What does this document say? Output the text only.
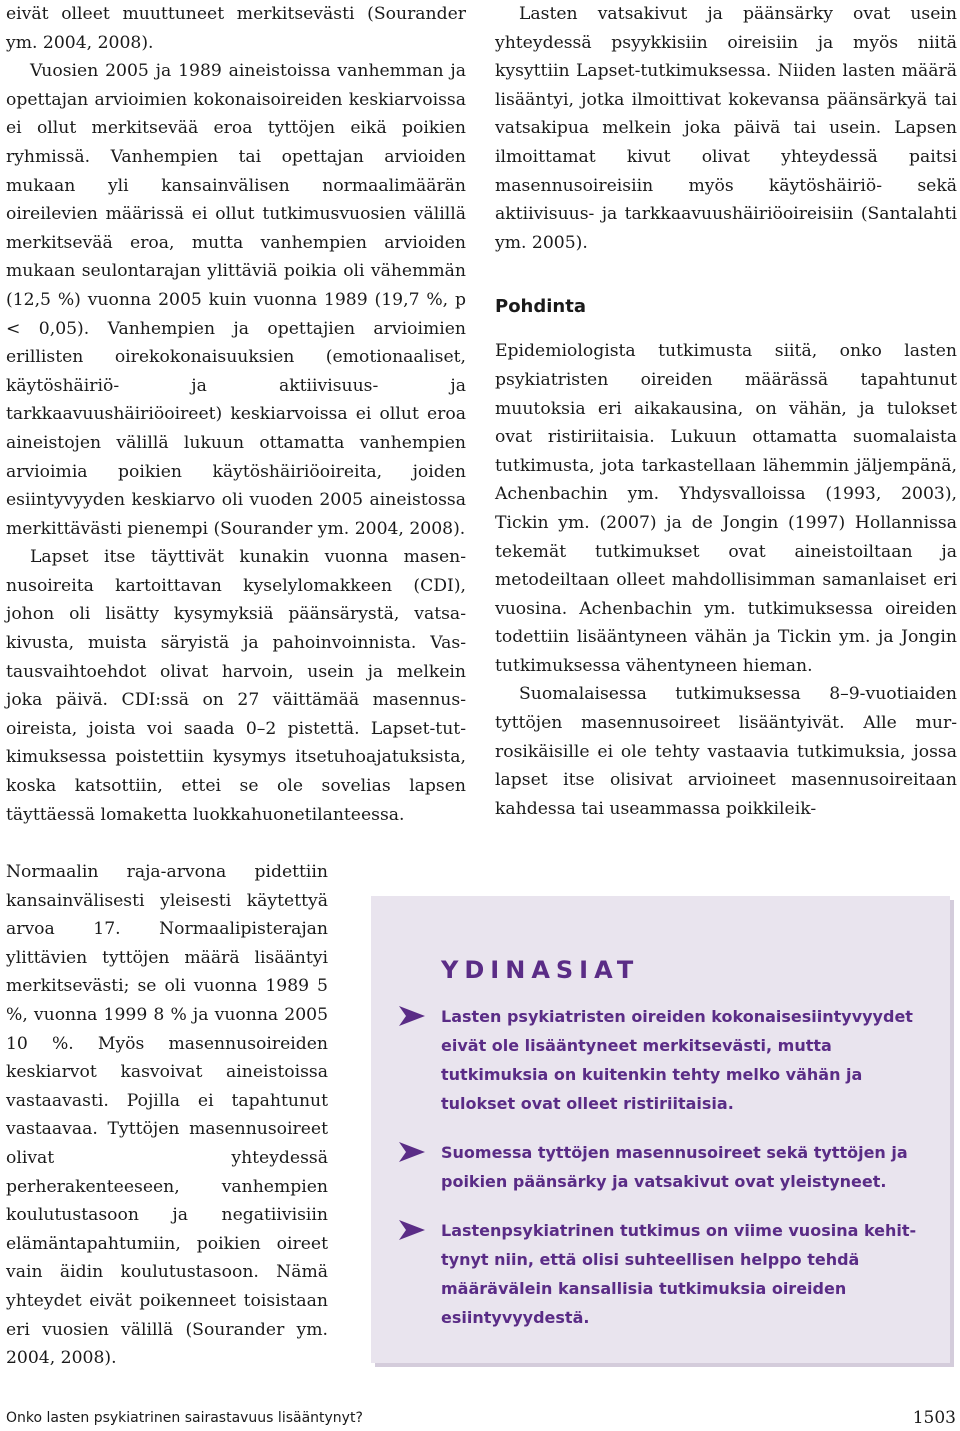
eivät olleet muuttuneet merkitsevästi (Sourander ym. 2004, 2008).

Vuosien 2005 ja 1989 aineistoissa vanhemman ja opettajan arvioimien kokonaisoireiden keskiarvoissa ei ollut merkitsevää eroa tyttöjen eikä poikien ryhmissä. Vanhempien tai opettajan arvioiden mukaan yli kansainvälisen normaalimäärän oireilevien määrissä ei ollut tutkimusvuosien välillä merkitsevää eroa, mutta vanhempien arvioiden mukaan seulontarajan ylittäviä poikia oli vähemmän (12,5 %) vuonna 2005 kuin vuonna 1989 (19,7 %, p < 0,05). Vanhempien ja opettajien arvioimien erillisten oirekokonaisuuksien (emotionaaliset, käytöshäiriö- ja aktiivisuus- ja tarkkaavuushäiriöoireet) keskiarvoissa ei ollut eroa aineistojen välillä lukuun ottamatta vanhempien arvioimia poikien käytöshäiriöoireita, joiden esiintyvyyden keskiarvo oli vuoden 2005 aineistossa merkittävästi pienempi (Sourander ym. 2004, 2008).

Lapset itse täyttivät kunakin vuonna masennusoireita kartoittavan kyselylomakkeen (CDI), johon oli lisätty kysymyksiä päänsärystä, vatsakivusta, muista säryistä ja pahoinvoinnista. Vastausvaihtoehdot olivat harvoin, usein ja melkein joka päivä. CDI:ssä on 27 väittämää masennusoireista, joista voi saada 0–2 pistettä. Lapset-tutkimuksessa poistettiin kysymys itsetuhoajatuksista, koska katsottiin, ettei se ole sovelias lapsen täyttäessä lomaketta luokkahuonetilanteessa.

Normaalin raja-arvona pidettiin kansainvälisesti yleisesti käytettyä arvoa 17. Normaalipisterajan ylittävien tyttöjen määrä lisääntyi merkitsevästi; se oli vuonna 1989 5 %, vuonna 1999 8 % ja vuonna 2005 10 %. Myös masennusoireiden keskiarvot kasvoivat aineistoissa vastaavasti. Pojilla ei tapahtunut vastaavaa. Tyttöjen masennusoireet olivat yhteydessä perherakenteeseen, vanhempien koulutustasoon ja negatiivisiin elämäntapahtumiin, poikien oireet vain äidin koulutustasoon. Nämä yhteydet eivät poikenneet toisistaan eri vuosien välillä (Sourander ym. 2004, 2008).

Lasten vatsakivut ja päänsärky ovat usein yhteydessä psyykkisiin oireisiin ja myös niitä kysyttiin Lapset-tutkimuksessa. Niiden lasten määrä lisääntyi, jotka ilmoittivat kokevansa päänsärkyä tai vatsakipua melkein joka päivä tai usein. Lapsen ilmoittamat kivut olivat yhteydessä paitsi masennusoireisiin myös käytöshäiriö- sekä aktiivisuus- ja tarkkaavuushäiriöoireisiin (Santalahti ym. 2005).

Pohdinta

Epidemiologista tutkimusta siitä, onko lasten psykiatristen oireiden määrässä tapahtunut muutoksia eri aikakausina, on vähän, ja tulokset ovat ristiriitaisia. Lukuun ottamatta suomalaista tutkimusta, jota tarkastellaan lähemmin jäljempänä, Achenbachin ym. Yhdysvalloissa (1993, 2003), Tickin ym. (2007) ja de Jongin (1997) Hollannissa tekemät tutkimukset ovat aineistoiltaan ja metodeiltaan olleet mahdollisimman samanlaiset eri vuosina. Achenbachin ym. tutkimuksessa oireiden todettiin lisääntyneen vähän ja Tickin ym. ja Jongin tutkimuksessa vähentyneen hieman.

Suomalaisessa tutkimuksessa 8–9-vuotiaiden tyttöjen masennusoireet lisääntyivät. Alle murrosikäisille ei ole tehty vastaavia tutkimuksia, jossa lapset itse olisivat arvioineet masennusoireitaan kahdessa tai useammassa poikkileik-

YDINASIAT
Lasten psykiatristen oireiden kokonaisesiintyvyydet eivät ole lisääntyneet merkitsevästi, mutta tutkimuksia on kuitenkin tehty melko vähän ja tulokset ovat olleet ristiriitaisia.
Suomessa tyttöjen masennusoireet sekä tyttöjen ja poikien päänsärky ja vatsakivut ovat yleistyneet.
Lastenpsykiatrinen tutkimus on viime vuosina kehittynyt niin, että olisi suhteellisen helppo tehdä määrävälein kansallisia tutkimuksia oireiden esiintyvyydestä.
Onko lasten psykiatrinen sairastavuus lisääntynyt?	1503
